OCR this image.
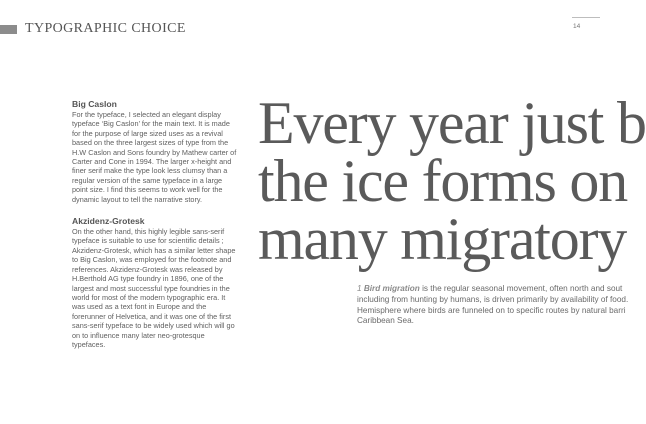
TYPOGRAPHIC CHOICE	14
Big Caslon

For the typeface, I selected an elegant display typeface ‘Big Caslon’ for the main text. It is made for the purpose of large sized uses as a revival based on the three largest sizes of type from the H.W Caslon and Sons foundry by Mathew carter of Carter and Cone in 1994. The larger x-height and finer serif make the type look less clumsy than a regular version of the same typeface in a large point size. I find this seems to work well for the dynamic layout to tell the narrative story.

Akzidenz-Grotesk

On the other hand, this highly legible sans-serif typeface is suitable to use for scientific details ; Akzidenz-Grotesk, which has a similar letter shape to Big Caslon, was employed for the footnote and references. Akzidenz-Grotesk was released by H.Berthold AG type foundry in 1896, one of the largest and most successful type foundries in the world for most of the modern typographic era. It was used as a text font in Europe and the forerunner of Helvetica, and it was one of the first sans-serif typeface to be widely used which will go on to influence many later neo-grotesque typefaces.

Every year just b

the ice forms on

many migratory

1 Bird migration is the regular seasonal movement, often north and sout

including from hunting by humans, is driven primarily by availability of food.

Hemisphere where birds are funneled on to specific routes by natural barri

Caribbean Sea.
